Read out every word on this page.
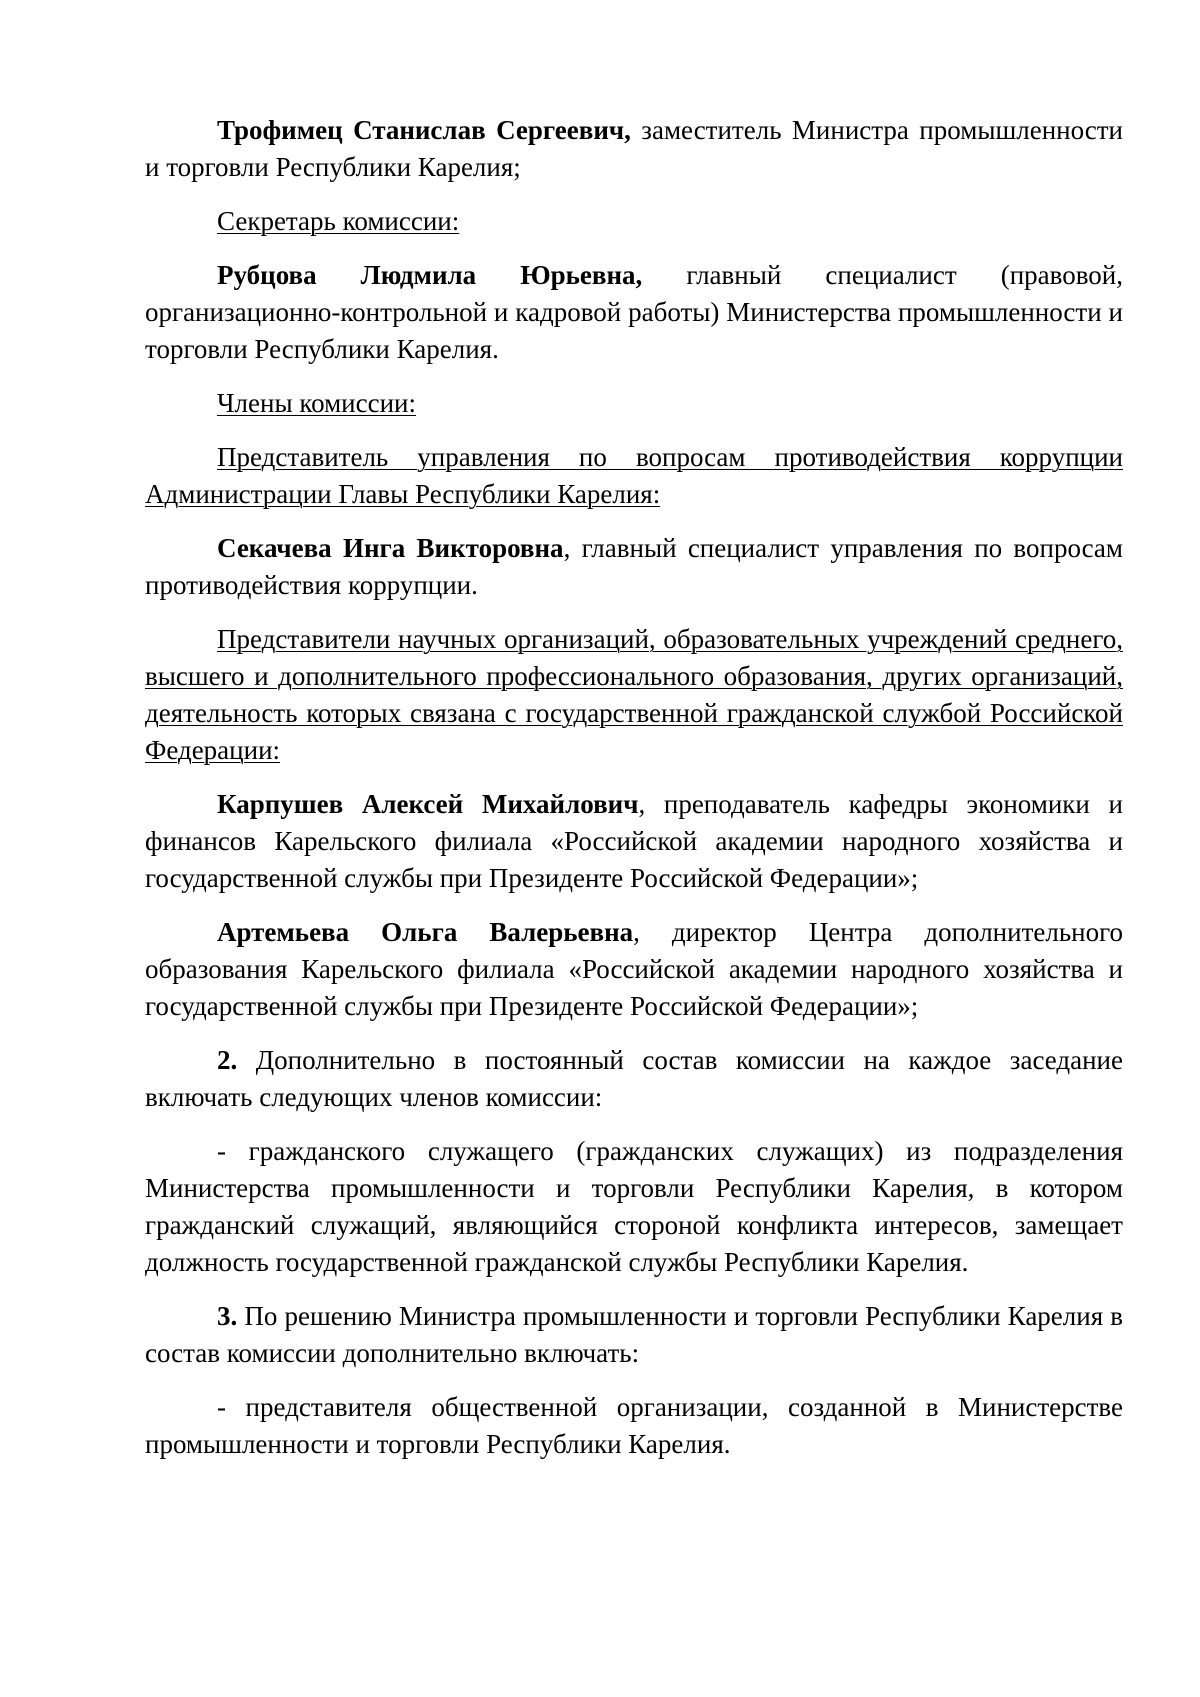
Трофимец Станислав Сергеевич, заместитель Министра промышленности и торговли Республики Карелия;

Секретарь комиссии:

Рубцова Людмила Юрьевна, главный специалист (правовой, организационно-контрольной и кадровой работы) Министерства промышленности и торговли Республики Карелия.

Члены комиссии:

Представитель управления по вопросам противодействия коррупции Администрации Главы Республики Карелия:

Секачева Инга Викторовна, главный специалист управления по вопросам противодействия коррупции.

Представители научных организаций, образовательных учреждений среднего, высшего и дополнительного профессионального образования, других организаций, деятельность которых связана с государственной гражданской службой Российской Федерации:

Карпушев Алексей Михайлович, преподаватель кафедры экономики и финансов Карельского филиала «Российской академии народного хозяйства и государственной службы при Президенте Российской Федерации»;

Артемьева Ольга Валерьевна, директор Центра дополнительного образования Карельского филиала «Российской академии народного хозяйства и государственной службы при Президенте Российской Федерации»;

2. Дополнительно в постоянный состав комиссии на каждое заседание включать следующих членов комиссии:

- гражданского служащего (гражданских служащих) из подразделения Министерства промышленности и торговли Республики Карелия, в котором гражданский служащий, являющийся стороной конфликта интересов, замещает должность государственной гражданской службы Республики Карелия.

3. По решению Министра промышленности и торговли Республики Карелия в состав комиссии дополнительно включать:

- представителя общественной организации, созданной в Министерстве промышленности и торговли Республики Карелия.
